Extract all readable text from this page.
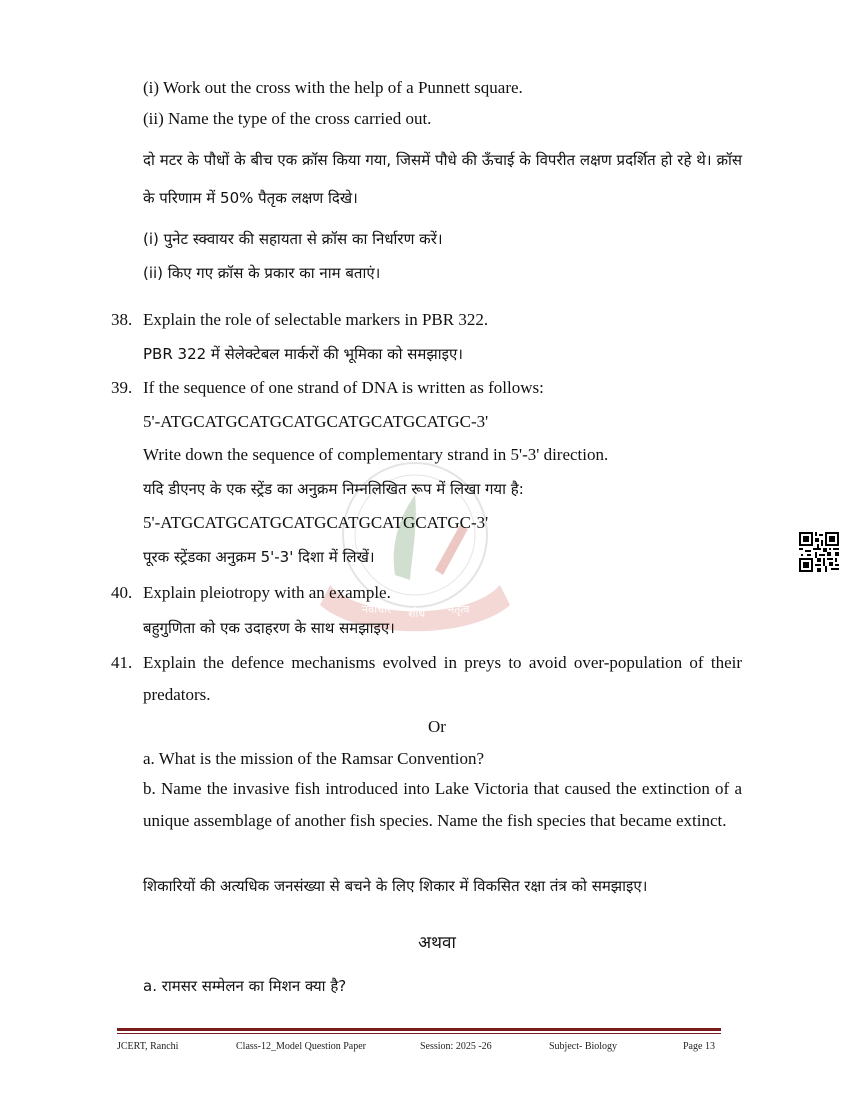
नवाचार शोध नेतृत्व
(i) Work out the cross with the help of a Punnett square.
(ii) Name the type of the cross carried out.
दो मटर के पौधों के बीच एक क्रॉस किया गया, जिसमें पौधे की ऊँचाई के विपरीत लक्षण प्रदर्शित हो रहे थे। क्रॉस के परिणाम में 50% पैतृक लक्षण दिखे।
(i) पुनेट स्क्वायर की सहायता से क्रॉस का निर्धारण करें।
(ii) किए गए क्रॉस के प्रकार का नाम बताएं।
38. Explain the role of selectable markers in PBR 322.
PBR 322 में सेलेक्टेबल मार्करों की भूमिका को समझाइए।
39. If the sequence of one strand of DNA is written as follows:
5'-ATGCATGCATGCATGCATGCATGCATGC-3'
Write down the sequence of complementary strand in 5'-3' direction.
यदि डीएनए के एक स्ट्रेंड का अनुक्रम निम्नलिखित रूप में लिखा गया है:
5'-ATGCATGCATGCATGCATGCATGCATGC-3'
पूरक स्ट्रेंडका अनुक्रम 5'-3' दिशा में लिखें।
40. Explain pleiotropy with an example.
बहुगुणिता को एक उदाहरण के साथ समझाइए।
41. Explain the defence mechanisms evolved in preys to avoid over-population of their predators.
Or
a. What is the mission of the Ramsar Convention?
b. Name the invasive fish introduced into Lake Victoria that caused the extinction of a unique assemblage of another fish species. Name the fish species that became extinct.
शिकारियों की अत्यधिक जनसंख्या से बचने के लिए शिकार में विकसित रक्षा तंत्र को समझाइए।
अथवा
a. रामसर सम्मेलन का मिशन क्या है?
JCERT, Ranchi	Class-12_Model Question Paper	Session: 2025 -26	Subject- Biology	Page 13
